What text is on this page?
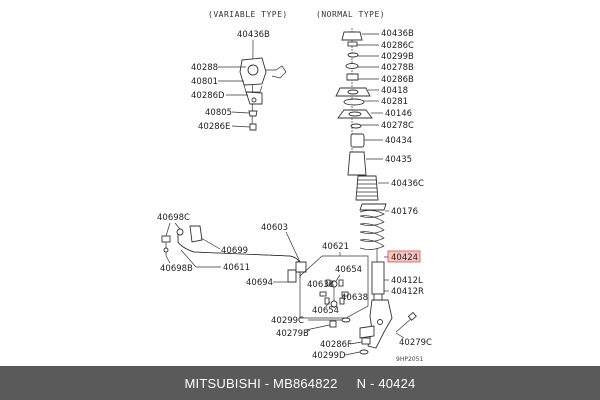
(VARIABLE TYPE)	(NORMAL TYPE)
40436B
40288
40801
40286D
40805
40286E
40436B
40286C
40299B
40278B
40286B
40418
40281
40146
40278C
40434
40435
40436C
40176
40424
40412L
40412R
40279C
40698C
40699
40698B	40611
40603
40694
40621
40654
40638
40638
40654
40299C
40279B
40286F
40299D	9HP2051
MITSUBISHI - MB864822     N - 40424
